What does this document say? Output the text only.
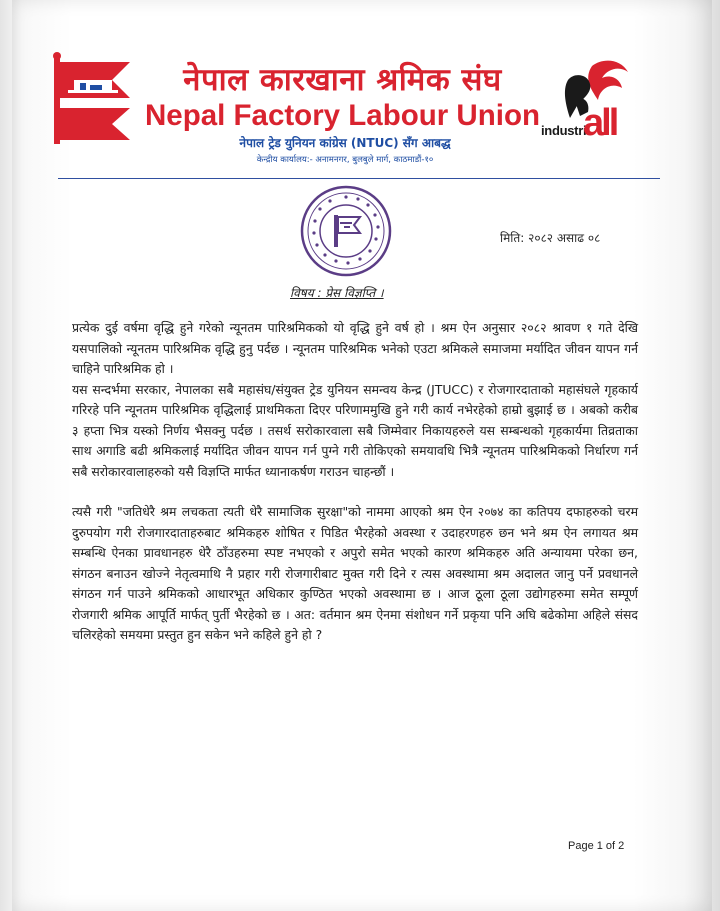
नेपाल कारखाना श्रमिक संघ
Nepal Factory Labour Union
नेपाल ट्रेड युनियन कांग्रेस (NTUC) सँग आबद्ध
केन्द्रीय कार्यालय:- अनामनगर, बुलबुले मार्ग, काठमाडौं-१०
industri
all
मिति: २०८२ असाढ ०८
विषय : प्रेस विज्ञप्ति ।

प्रत्येक दुई वर्षमा वृद्धि हुने गरेको न्यूनतम पारिश्रमिकको यो वृद्धि हुने वर्ष हो । श्रम ऐन अनुसार २०८२ श्रावण १ गते देखि यसपालिको न्यूनतम पारिश्रमिक वृद्धि हुनु पर्दछ । न्यूनतम पारिश्रमिक भनेको एउटा श्रमिकले समाजमा मर्यादित जीवन यापन गर्न चाहिने पारिश्रमिक हो ।

यस सन्दर्भमा सरकार, नेपालका सबै महासंघ/संयुक्त ट्रेड युनियन समन्वय केन्द्र (JTUCC) र रोजगारदाताको महासंघले गृहकार्य गरिरहे पनि न्यूनतम पारिश्रमिक वृद्धिलाई प्राथमिकता दिएर परिणाममुखि हुने गरी कार्य नभेरहेको हाम्रो बुझाई छ । अबको करीब ३ हप्ता भित्र यस्को निर्णय भैसक्नु पर्दछ । तसर्थ सरोकारवाला सबै जिम्मेवार निकायहरुले यस सम्बन्धको गृहकार्यमा तिव्रताका साथ अगाडि बढी श्रमिकलाई मर्यादित जीवन यापन गर्न पुग्ने गरी तोकिएको समयावधि भित्रै न्यूनतम पारिश्रमिकको निर्धारण गर्न सबै सरोकारवालाहरुको यसै विज्ञप्ति मार्फत ध्यानाकर्षण गराउन चाहन्छौं ।

त्यसै गरी "जतिधेरै श्रम लचकता त्यती धेरै सामाजिक सुरक्षा"को नाममा आएको श्रम ऐन २०७४ का कतिपय दफाहरुको चरम दुरुपयोग गरी रोजगारदाताहरुबाट श्रमिकहरु शोषित र पिडित भैरहेको अवस्था र उदाहरणहरु छन भने श्रम ऐन लगायत श्रम सम्बन्धि ऐनका प्रावधानहरु धेरै ठाँउहरुमा स्पष्ट नभएको र अपुरो समेत भएको कारण श्रमिकहरु अति अन्यायमा परेका छन, संगठन बनाउन खोज्ने नेतृत्वमाथि नै प्रहार गरी रोजगारीबाट मुक्त गरी दिने र त्यस अवस्थामा श्रम अदालत जानु पर्ने प्रवधानले संगठन गर्न पाउने श्रमिकको आधारभूत अधिकार कुण्ठित भएको अवस्थामा छ । आज ठूला ठूला उद्योगहरुमा समेत सम्पूर्ण रोजगारी श्रमिक आपूर्ति मार्फत् पुर्ती भैरहेको छ । अत: वर्तमान श्रम ऐनमा संशोधन गर्ने प्रकृया पनि अघि बढेकोमा अहिले संसद चलिरहेको समयमा प्रस्तुत हुन सकेन भने कहिले हुने हो ?

Page 1 of 2
